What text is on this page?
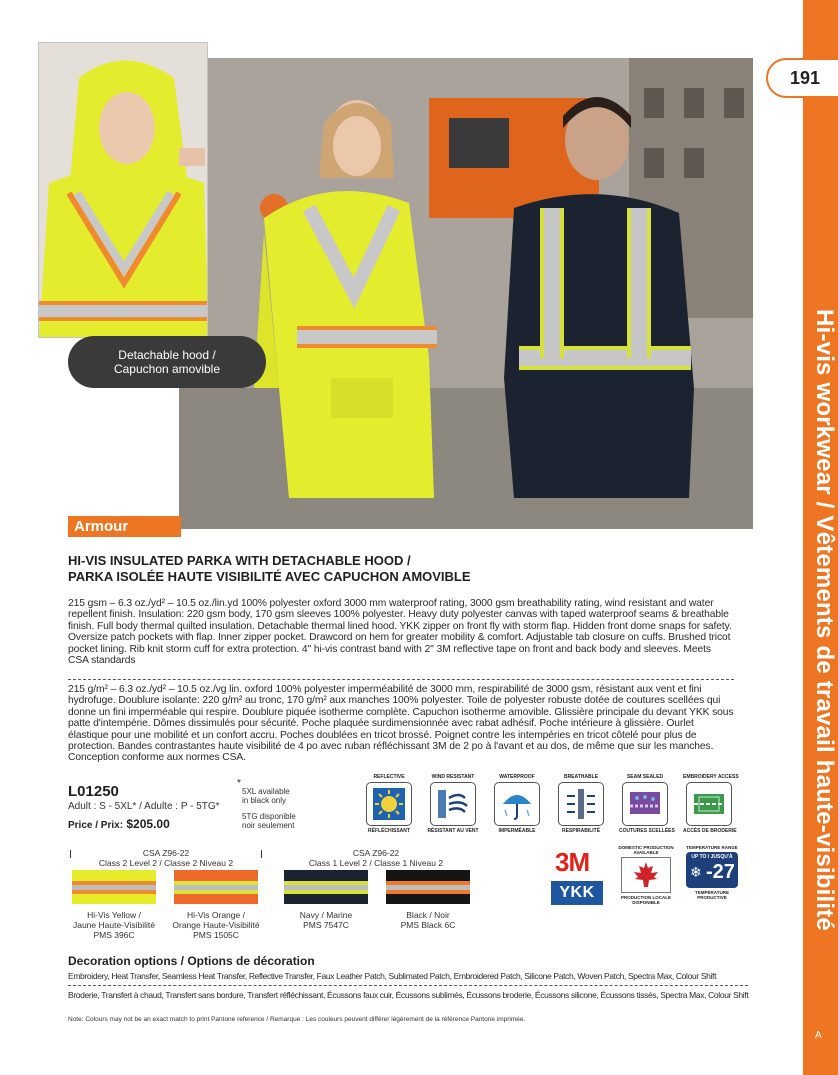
Hi-vis workwear / Vêtements de travail haute-visibilité
191
A
Detachable hood /
Capuchon amovible
Armour
HI-VIS INSULATED PARKA WITH DETACHABLE HOOD /
PARKA ISOLÉE HAUTE VISIBILITÉ AVEC CAPUCHON AMOVIBLE
215 gsm – 6.3 oz./yd² – 10.5 oz./lin.yd 100% polyester oxford 3000 mm waterproof rating, 3000 gsm breathability rating, wind resistant and water repellent finish. Insulation: 220 gsm body, 170 gsm sleeves 100% polyester. Heavy duty polyester canvas with taped waterproof seams & breathable finish. Full body thermal quilted insulation. Detachable thermal lined hood. YKK zipper on front fly with storm flap. Hidden front dome snaps for safety. Oversize patch pockets with flap. Inner zipper pocket. Drawcord on hem for greater mobility & comfort. Adjustable tab closure on cuffs. Brushed tricot pocket lining. Rib knit storm cuff for extra protection. 4" hi-vis contrast band with 2" 3M reflective tape on front and back body and sleeves. Meets CSA standards
215 g/m² – 6.3 oz./yd² – 10.5 oz./vg lin. oxford 100% polyester imperméabilité de 3000 mm, respirabilité de 3000 gsm, résistant aux vent et fini hydrofuge. Doublure isolante: 220 g/m² au tronc, 170 g/m² aux manches 100% polyester. Toile de polyester robuste dotée de coutures scellées qui donne un fini imperméable qui respire. Doublure piquée isotherme complète. Capuchon isotherme amovible. Glissière principale du devant YKK sous patte d'intempérie. Dômes dissimulés pour sécurité. Poche plaquée surdimensionnée avec rabat adhésif. Poche intérieure à glissière. Ourlet élastique pour une mobilité et un confort accru. Poches doublées en tricot brossé. Poignet contre les intempéries en tricot côtelé pour plus de protection. Bandes contrastantes haute visibilité de 4 po avec ruban réfléchissant 3M de 2 po à l'avant et au dos, de même que sur les manches. Conception conforme aux normes CSA.
L01250
Adult : S - 5XL* / Adulte : P - 5TG*
Price / Prix: $205.00
*
5XL available
in black only
5TG disponible
noir seulement
REFLECTIVE
RÉFLÉCHISSANT
WIND RESISTANT
RÉSISTANT AU VENT
WATERPROOF
IMPERMÉABLE
BREATHABLE
RESPIRABILITÉ
SEAM SEALED
COUTURES SCELLÉES
EMBROIDERY ACCESS
ACCÈS DE BRODERIE
3M
YKK
DOMESTIC PRODUCTION AVAILABLE
PRODUCTION LOCALE DISPONIBLE
TEMPERATURE RANGE
UP TO / JUSQU'À
❄ -27
TEMPÉRATURE PRODUCTIVE
CSA Z96-22
Class 2 Level 2 / Classe 2 Niveau 2
CSA Z96-22
Class 1 Level 2 / Classe 1 Niveau 2
Hi-Vis Yellow /
Jaune Haute-Visibilité
PMS 396C
Hi-Vis Orange /
Orange Haute-Visibilité
PMS 1505C
Navy / Marine
PMS 7547C
Black / Noir
PMS Black 6C
Decoration options / Options de décoration
Embroidery, Heat Transfer, Seamless Heat Transfer, Reflective Transfer, Faux Leather Patch, Sublimated Patch, Embroidered Patch, Silicone Patch, Woven Patch, Spectra Max, Colour Shift
Broderie, Transfert à chaud, Transfert sans bordure, Transfert réfléchissant, Écussons faux cuir, Écussons sublimés, Écussons broderie, Écussons silicone, Écussons tissés, Spectra Max, Colour Shift
Note: Colours may not be an exact match to print Pantone reference / Remarque : Les couleurs peuvent différer légèrement de la référence Pantone imprimée.
